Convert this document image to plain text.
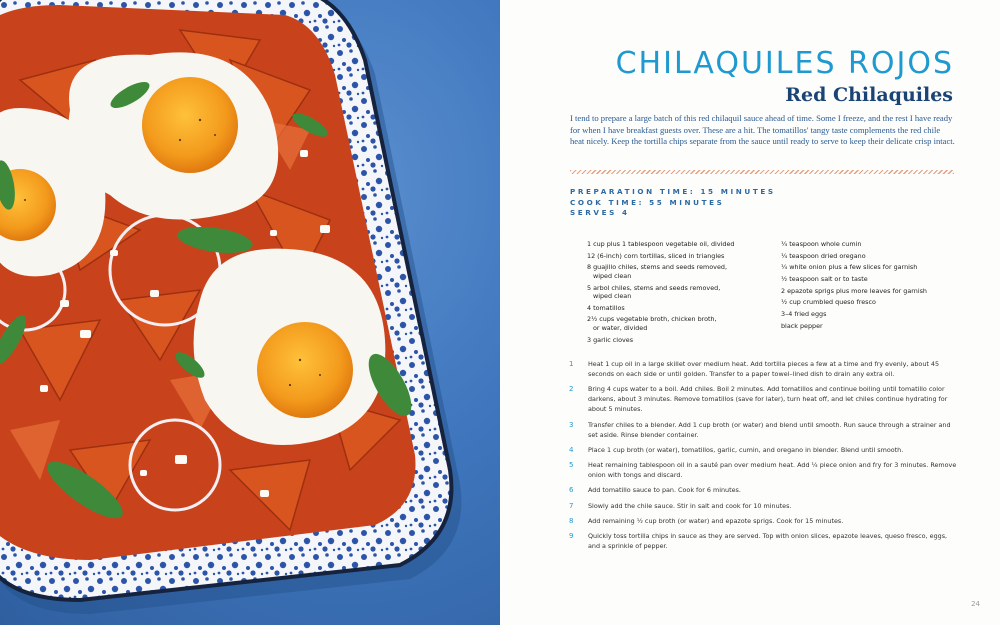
CHILAQUILES ROJOS
Red Chilaquiles

I tend to prepare a large batch of this red chilaquil sauce ahead of time. Some I freeze, and the rest I have ready for when I have breakfast guests over. These are a hit. The tomatillos' tangy taste complements the red chile heat nicely. Keep the tortilla chips separate from the sauce until ready to serve to keep their delicate crisp intact.

PREPARATION TIME: 15 MINUTES
COOK TIME: 55 MINUTES
SERVES 4
1 cup plus 1 tablespoon vegetable oil, divided
12 (6-inch) corn tortillas, sliced in triangles
8 guajillo chiles, stems and seeds removed,
wiped clean
5 arbol chiles, stems and seeds removed,
wiped clean
4 tomatillos
2½ cups vegetable broth, chicken broth,
or water, divided
3 garlic cloves
¼ teaspoon whole cumin
¼ teaspoon dried oregano
¼ white onion plus a few slices for garnish
½ teaspoon salt or to taste
2 epazote sprigs plus more leaves for garnish
½ cup crumbled queso fresco
3–4 fried eggs
black pepper
1 Heat 1 cup oil in a large skillet over medium heat. Add tortilla pieces a few at a time and fry evenly, about 45 seconds on each side or until golden. Transfer to a paper towel–lined dish to drain any extra oil.
2 Bring 4 cups water to a boil. Add chiles. Boil 2 minutes. Add tomatillos and continue boiling until tomatillo color darkens, about 3 minutes. Remove tomatillos (save for later), turn heat off, and let chiles continue hydrating for about 5 minutes.
3 Transfer chiles to a blender. Add 1 cup broth (or water) and blend until smooth. Run sauce through a strainer and set aside. Rinse blender container.
4 Place 1 cup broth (or water), tomatillos, garlic, cumin, and oregano in blender. Blend until smooth.
5 Heat remaining tablespoon oil in a sauté pan over medium heat. Add ¼ piece onion and fry for 3 minutes. Remove onion with tongs and discard.
6 Add tomatillo sauce to pan. Cook for 6 minutes.
7 Slowly add the chile sauce. Stir in salt and cook for 10 minutes.
8 Add remaining ½ cup broth (or water) and epazote sprigs. Cook for 15 minutes.
9 Quickly toss tortilla chips in sauce as they are served. Top with onion slices, epazote leaves, queso fresco, eggs, and a sprinkle of pepper.
24
